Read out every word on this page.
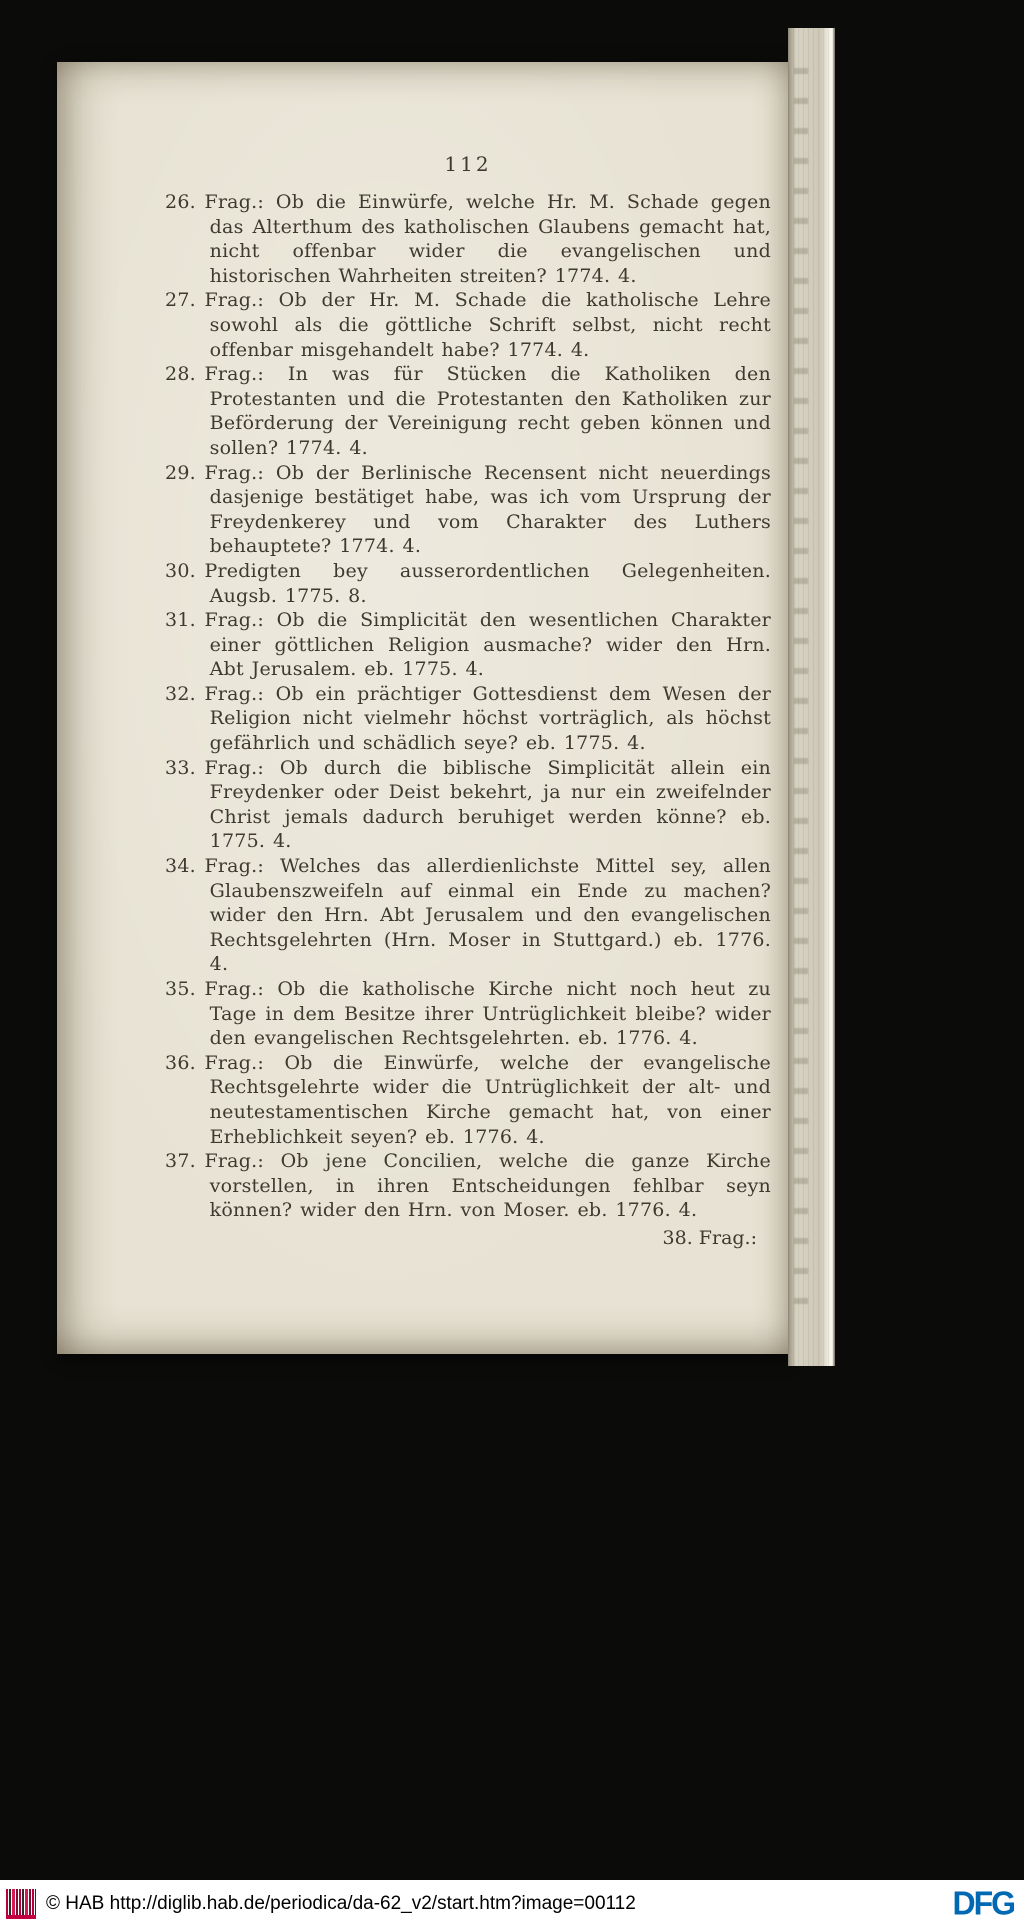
112

26. Frag.: Ob die Einwürfe, welche Hr. M. Schade gegen das Alterthum des katholischen Glaubens gemacht hat, nicht offenbar wider die evangelischen und historischen Wahrheiten streiten? 1774. 4.

27. Frag.: Ob der Hr. M. Schade die katholische Lehre sowohl als die göttliche Schrift selbst, nicht recht offenbar misgehandelt habe? 1774. 4.

28. Frag.: In was für Stücken die Katholiken den Protestanten und die Protestanten den Katholiken zur Beförderung der Vereinigung recht geben können und sollen? 1774. 4.

29. Frag.: Ob der Berlinische Recensent nicht neuerdings dasjenige bestätiget habe, was ich vom Ursprung der Freydenkerey und vom Charakter des Luthers behauptete? 1774. 4.

30. Predigten bey ausserordentlichen Gelegenheiten. Augsb. 1775. 8.

31. Frag.: Ob die Simplicität den wesentlichen Charakter einer göttlichen Religion ausmache? wider den Hrn. Abt Jerusalem. eb. 1775. 4.

32. Frag.: Ob ein prächtiger Gottesdienst dem Wesen der Religion nicht vielmehr höchst vorträglich, als höchst gefährlich und schädlich seye? eb. 1775. 4.

33. Frag.: Ob durch die biblische Simplicität allein ein Freydenker oder Deist bekehrt, ja nur ein zweifelnder Christ jemals dadurch beruhiget werden könne? eb. 1775. 4.

34. Frag.: Welches das allerdienlichste Mittel sey, allen Glaubenszweifeln auf einmal ein Ende zu machen? wider den Hrn. Abt Jerusalem und den evangelischen Rechtsgelehrten (Hrn. Moser in Stuttgard.) eb. 1776. 4.

35. Frag.: Ob die katholische Kirche nicht noch heut zu Tage in dem Besitze ihrer Untrüglichkeit bleibe? wider den evangelischen Rechtsgelehrten. eb. 1776. 4.

36. Frag.: Ob die Einwürfe, welche der evangelische Rechtsgelehrte wider die Untrüglichkeit der alt- und neutestamentischen Kirche gemacht hat, von einer Erheblichkeit seyen? eb. 1776. 4.

37. Frag.: Ob jene Concilien, welche die ganze Kirche vorstellen, in ihren Entscheidungen fehlbar seyn können? wider den Hrn. von Moser. eb. 1776. 4.

38. Frag.:
© HAB http://diglib.hab.de/periodica/da-62_v2/start.htm?image=00112	DFG
